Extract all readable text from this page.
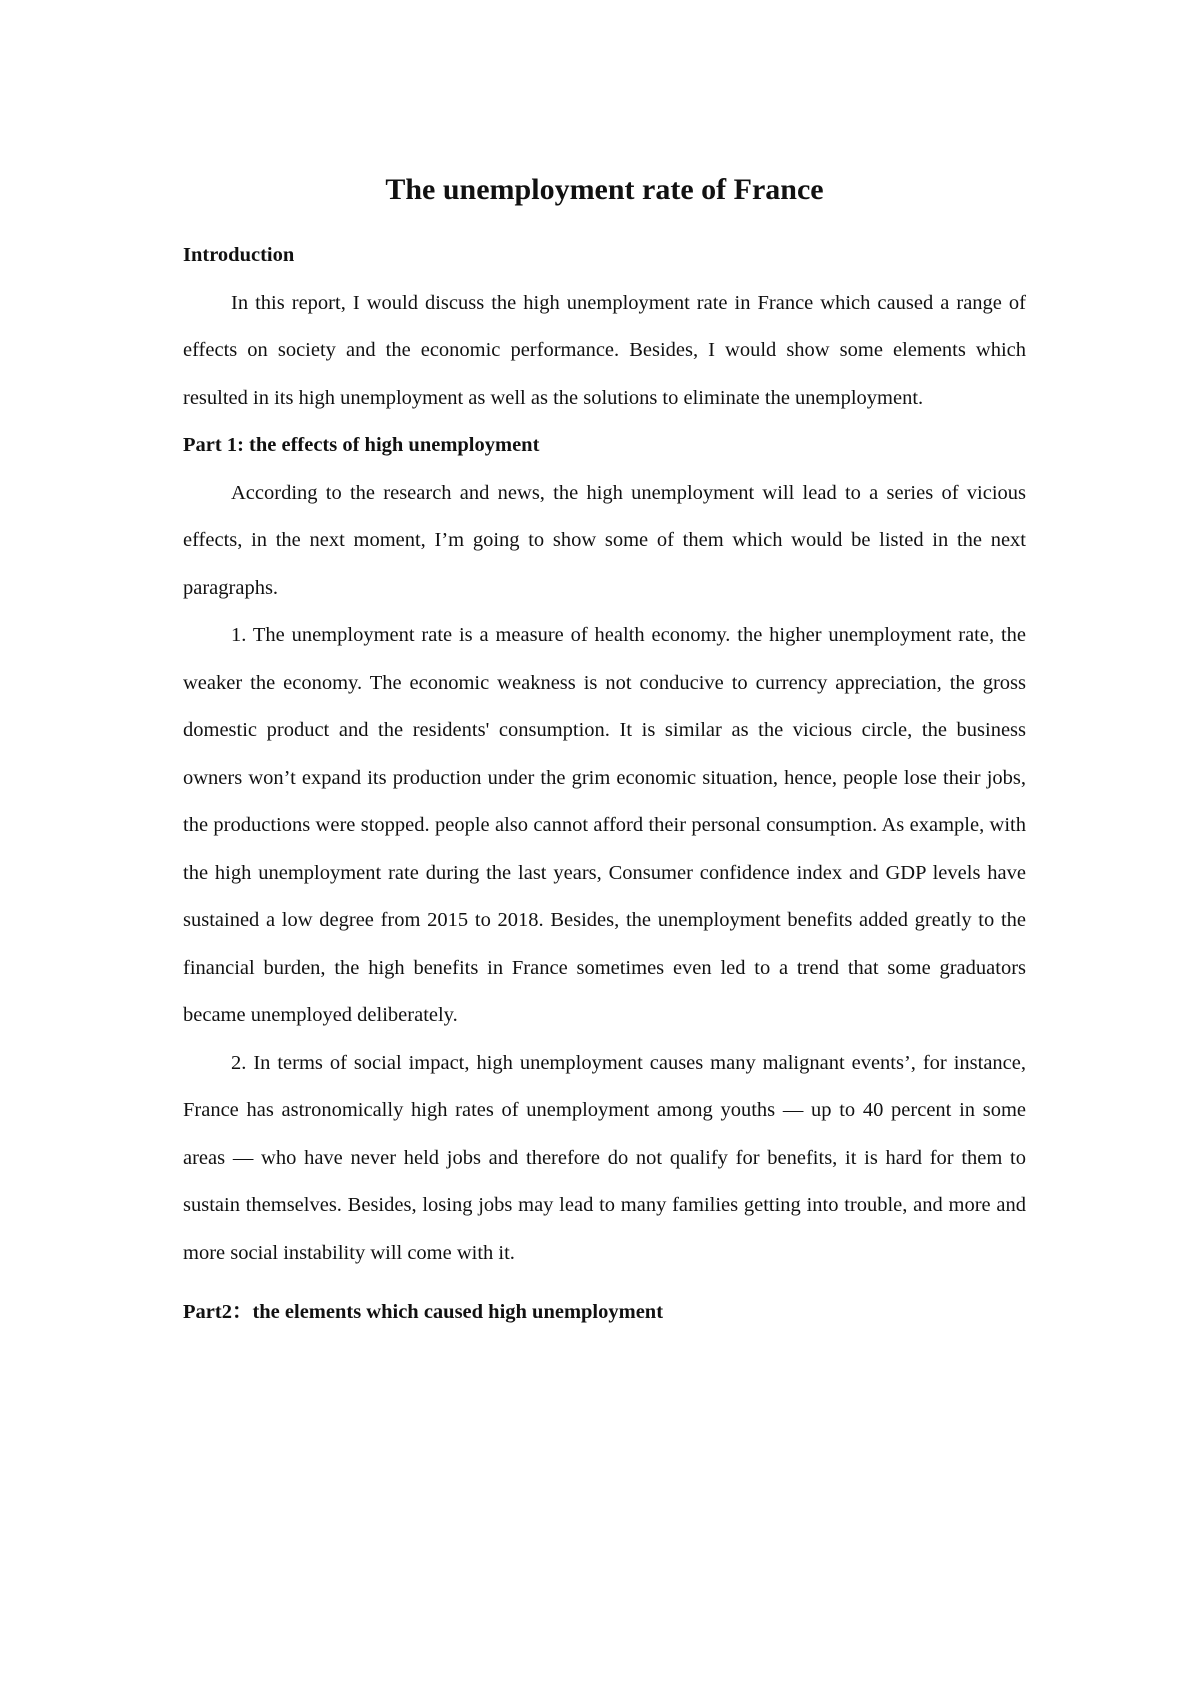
The unemployment rate of France
Introduction

In this report, I would discuss the high unemployment rate in France which caused a range of effects on society and the economic performance. Besides, I would show some elements which resulted in its high unemployment as well as the solutions to eliminate the unemployment.

Part 1: the effects of high unemployment

According to the research and news, the high unemployment will lead to a series of vicious effects, in the next moment, I’m going to show some of them which would be listed in the next paragraphs.

1. The unemployment rate is a measure of health economy. the higher unemployment rate, the weaker the economy. The economic weakness is not conducive to currency appreciation, the gross domestic product and the residents' consumption. It is similar as the vicious circle, the business owners won’t expand its production under the grim economic situation, hence, people lose their jobs, the productions were stopped. people also cannot afford their personal consumption. As example, with the high unemployment rate during the last years, Consumer confidence index and GDP levels have sustained a low degree from 2015 to 2018. Besides, the unemployment benefits added greatly to the financial burden, the high benefits in France sometimes even led to a trend that some graduators became unemployed deliberately.

2. In terms of social impact, high unemployment causes many malignant events’, for instance, France has astronomically high rates of unemployment among youths — up to 40 percent in some areas — who have never held jobs and therefore do not qualify for benefits, it is hard for them to sustain themselves. Besides, losing jobs may lead to many families getting into trouble, and more and more social instability will come with it.

Part2：the elements which caused high unemployment
